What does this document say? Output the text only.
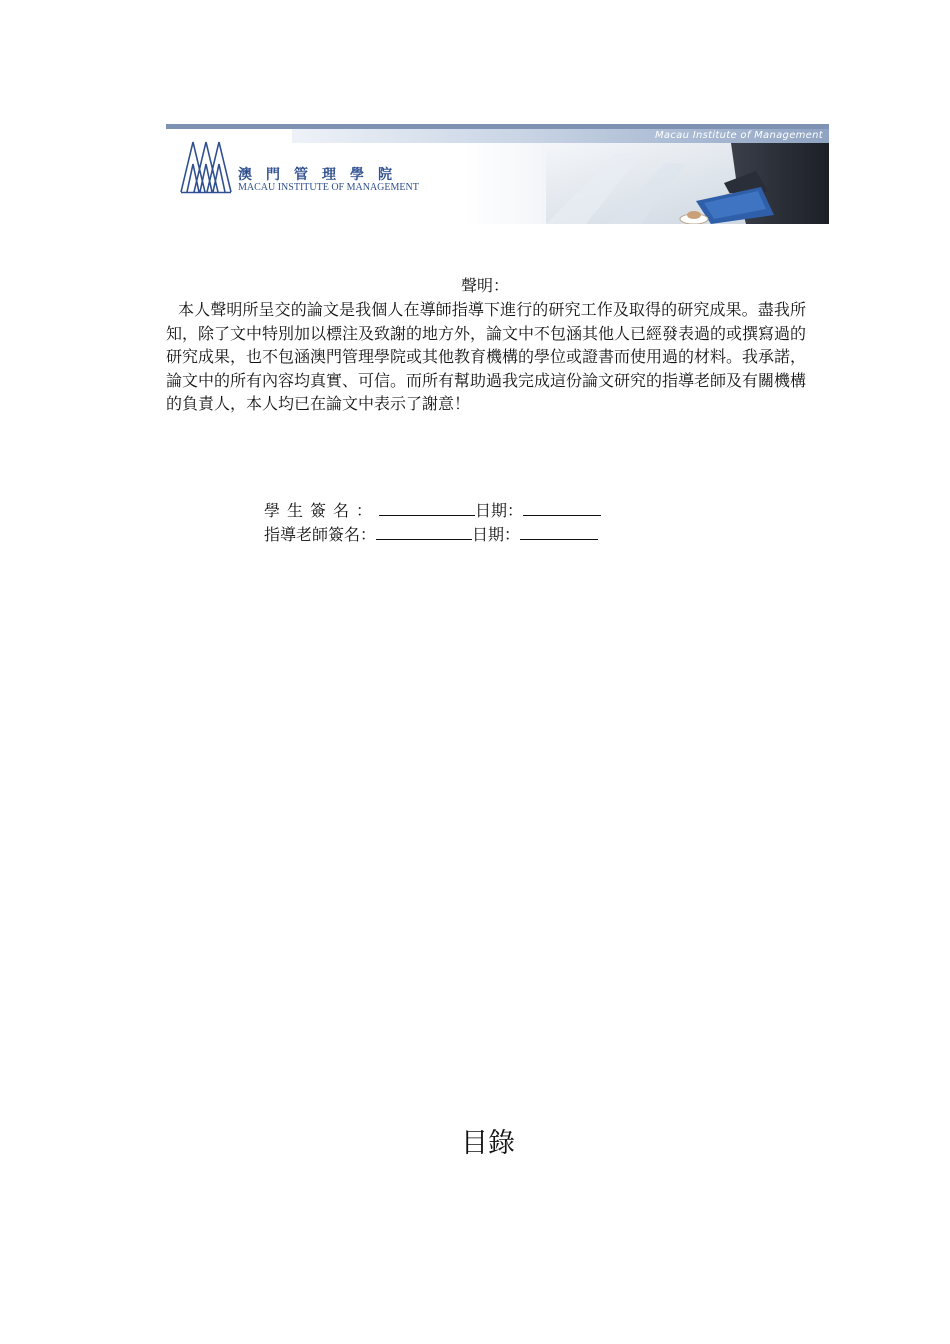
Macau Institute of Management
澳門管理學院
MACAU INSTITUTE OF MANAGEMENT
聲明：

本人聲明所呈交的論文是我個人在導師指導下進行的研究工作及取得的研究成果。盡我所知，除了文中特別加以標注及致謝的地方外，論文中不包涵其他人已經發表過的或撰寫過的研究成果，也不包涵澳門管理學院或其他教育機構的學位或證書而使用過的材料。我承諾，論文中的所有內容均真實、可信。而所有幫助過我完成這份論文研究的指導老師及有關機構的負責人，本人均已在論文中表示了謝意！

學生簽名：	日期：
指導老師簽名：	日期：
目錄
